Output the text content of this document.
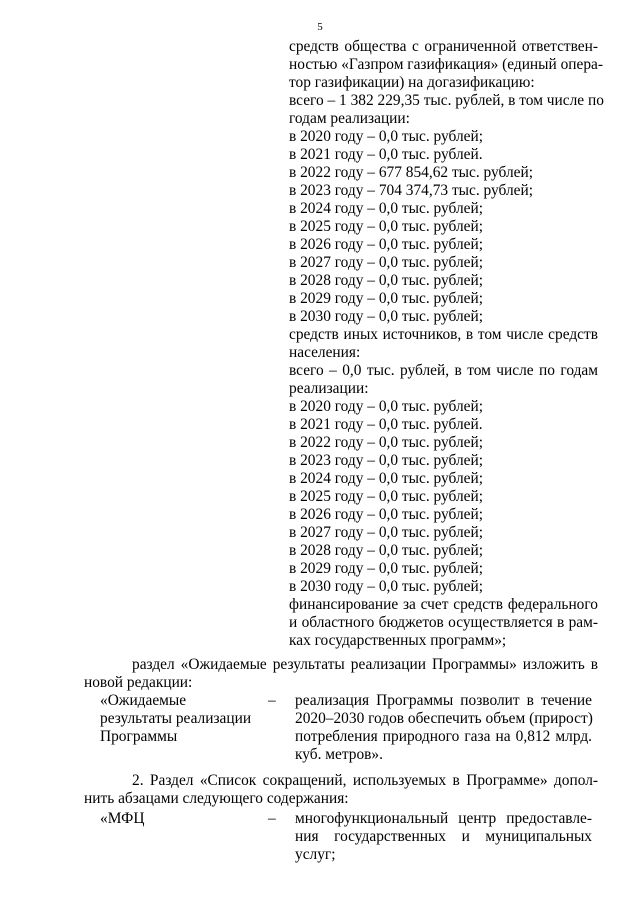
5
средств общества с ограниченной ответствен-
ностью «Газпром газификация» (единый опера-
тор газификации) на догазификацию:
всего – 1 382 229,35 тыс. рублей, в том числе по
годам реализации:
в 2020 году – 0,0 тыс. рублей;
в 2021 году – 0,0 тыс. рублей.
в 2022 году – 677 854,62 тыс. рублей;
в 2023 году – 704 374,73 тыс. рублей;
в 2024 году – 0,0 тыс. рублей;
в 2025 году – 0,0 тыс. рублей;
в 2026 году – 0,0 тыс. рублей;
в 2027 году – 0,0 тыс. рублей;
в 2028 году – 0,0 тыс. рублей;
в 2029 году – 0,0 тыс. рублей;
в 2030 году – 0,0 тыс. рублей;
средств иных источников, в том числе средств
населения:
всего – 0,0 тыс. рублей, в том числе по годам
реализации:
в 2020 году – 0,0 тыс. рублей;
в 2021 году – 0,0 тыс. рублей.
в 2022 году – 0,0 тыс. рублей;
в 2023 году – 0,0 тыс. рублей;
в 2024 году – 0,0 тыс. рублей;
в 2025 году – 0,0 тыс. рублей;
в 2026 году – 0,0 тыс. рублей;
в 2027 году – 0,0 тыс. рублей;
в 2028 году – 0,0 тыс. рублей;
в 2029 году – 0,0 тыс. рублей;
в 2030 году – 0,0 тыс. рублей;
финансирование за счет средств федерального
и областного бюджетов осуществляется в рам-
ках государственных программ»;
раздел «Ожидаемые результаты реализации Программы» изложить в
новой редакции:
«Ожидаемые
результаты реализации
Программы
– реализация Программы позволит в течение
2020–2030 годов обеспечить объем (прирост)
потребления природного газа на 0,812 млрд.
куб. метров».
2. Раздел «Список сокращений, используемых в Программе» допол-
нить абзацами следующего содержания:
«МФЦ	– многофункциональный центр предоставле-
ния государственных и муниципальных
услуг;
